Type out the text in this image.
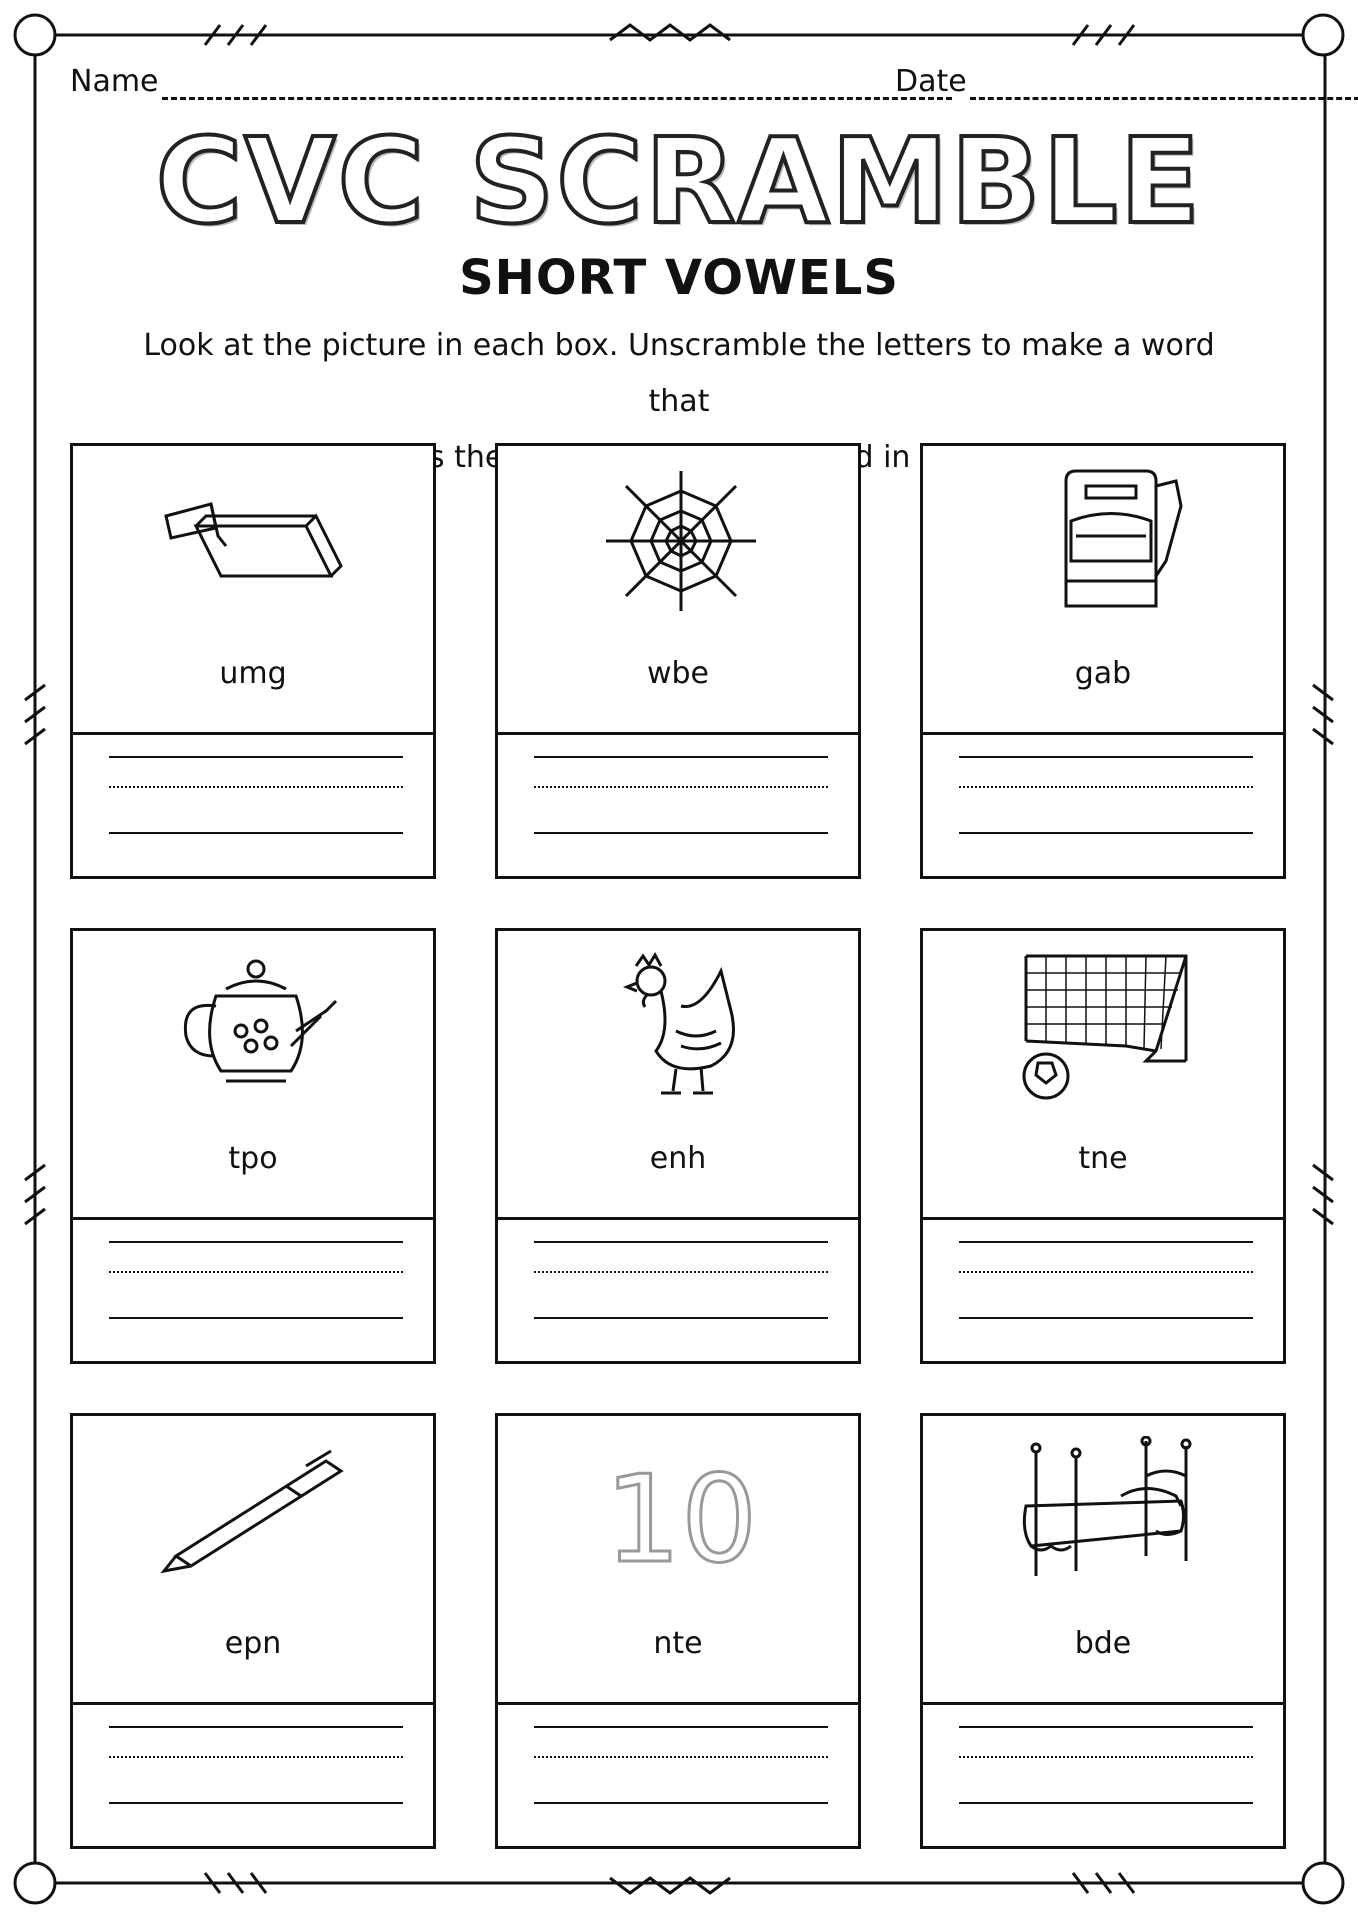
Name	Date
CVC SCRAMBLE
SHORT VOWELS
Look at the picture in each box. Unscramble the letters to make a word that
the in
umg	wbe	gab
tpo	enh	tne
epn
10
nte	bde
